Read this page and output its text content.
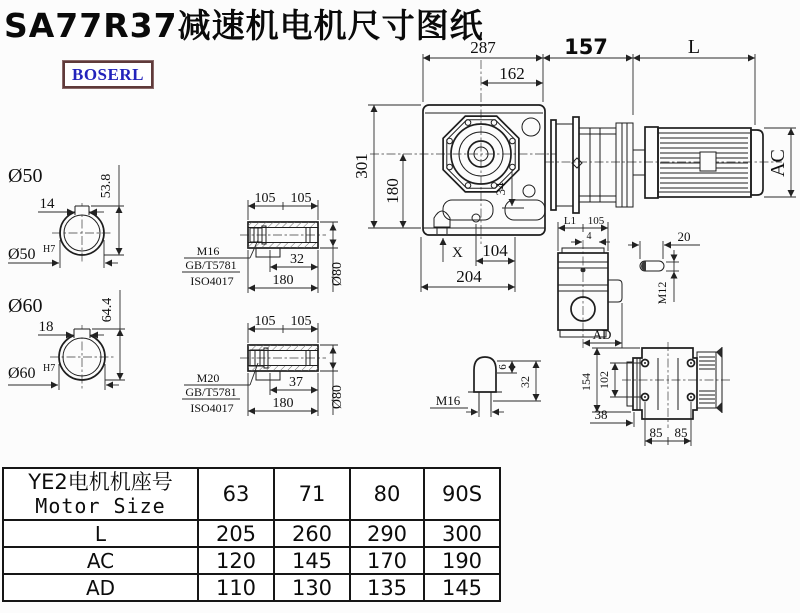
SA77R37减速机电机尺寸图纸
BOSERL
287
162
157	L
301
180
AC
34
X 104
204
Ø50
14
53.8
Ø50 H7
Ø60
18
64.4
Ø60 H7
105 105
M16
GB/T5781
ISO4017
32
180	Ø80
105 105
M20
GB/T5781
ISO4017
37
180	Ø80
L1 105
4
AD
20
M12
M16
6
32	154 102
38
85 85
YE2电机机座号
Motor Size	63	71	80	90S
L	205	260	290	300
AC	120	145	170	190
AD	110	130	135	145
